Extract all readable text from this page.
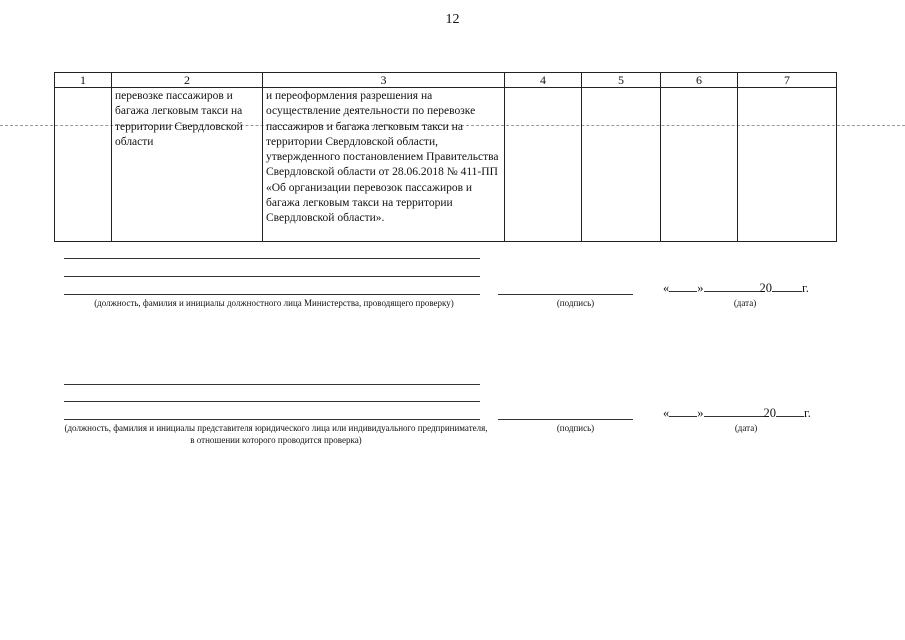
12
1	2	3	4	5	6	7
	перевозке пассажиров и багажа легковым такси на территории Свердловской области	и переоформления разрешения на осуществление деятельности по перевозке пассажиров и багажа легковым такси на территории Свердловской области, утвержденного постановлением Правительства Свердловской области от 28.06.2018 № 411-ПП «Об организации перевозок пассажиров и багажа легковым такси на территории Свердловской области».				
(должность, фамилия и инициалы должностного лица Министерства, проводящего проверку)	(подпись)
« »	20 г.
(дата)
(должность, фамилия и инициалы представителя юридического лица или индивидуального предпринимателя, в отношении которого проводится проверка)
(подпись)
« »	20 г.
(дата)
